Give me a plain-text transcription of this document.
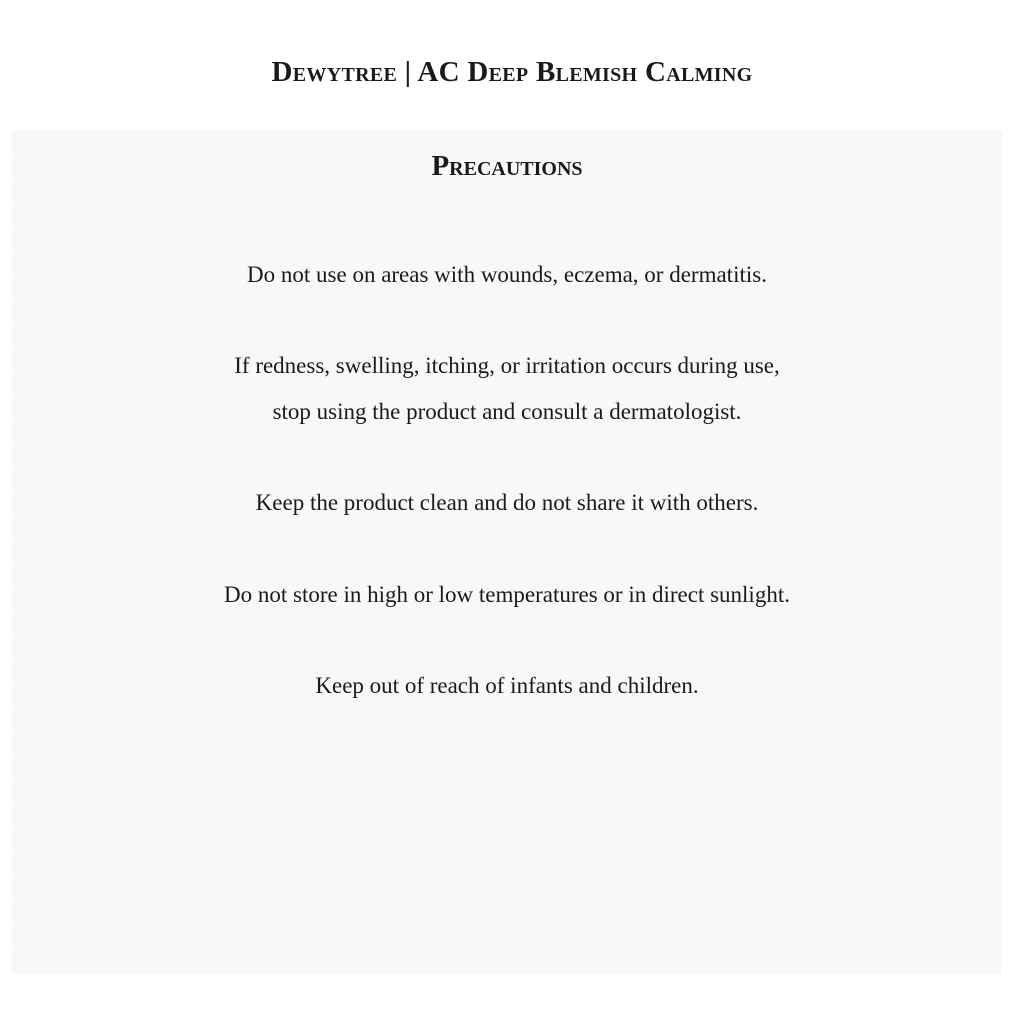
Dewytree | AC Deep Blemish Calming
Precautions
Do not use on areas with wounds, eczema, or dermatitis.
If redness, swelling, itching, or irritation occurs during use,
stop using the product and consult a dermatologist.
Keep the product clean and do not share it with others.
Do not store in high or low temperatures or in direct sunlight.
Keep out of reach of infants and children.
